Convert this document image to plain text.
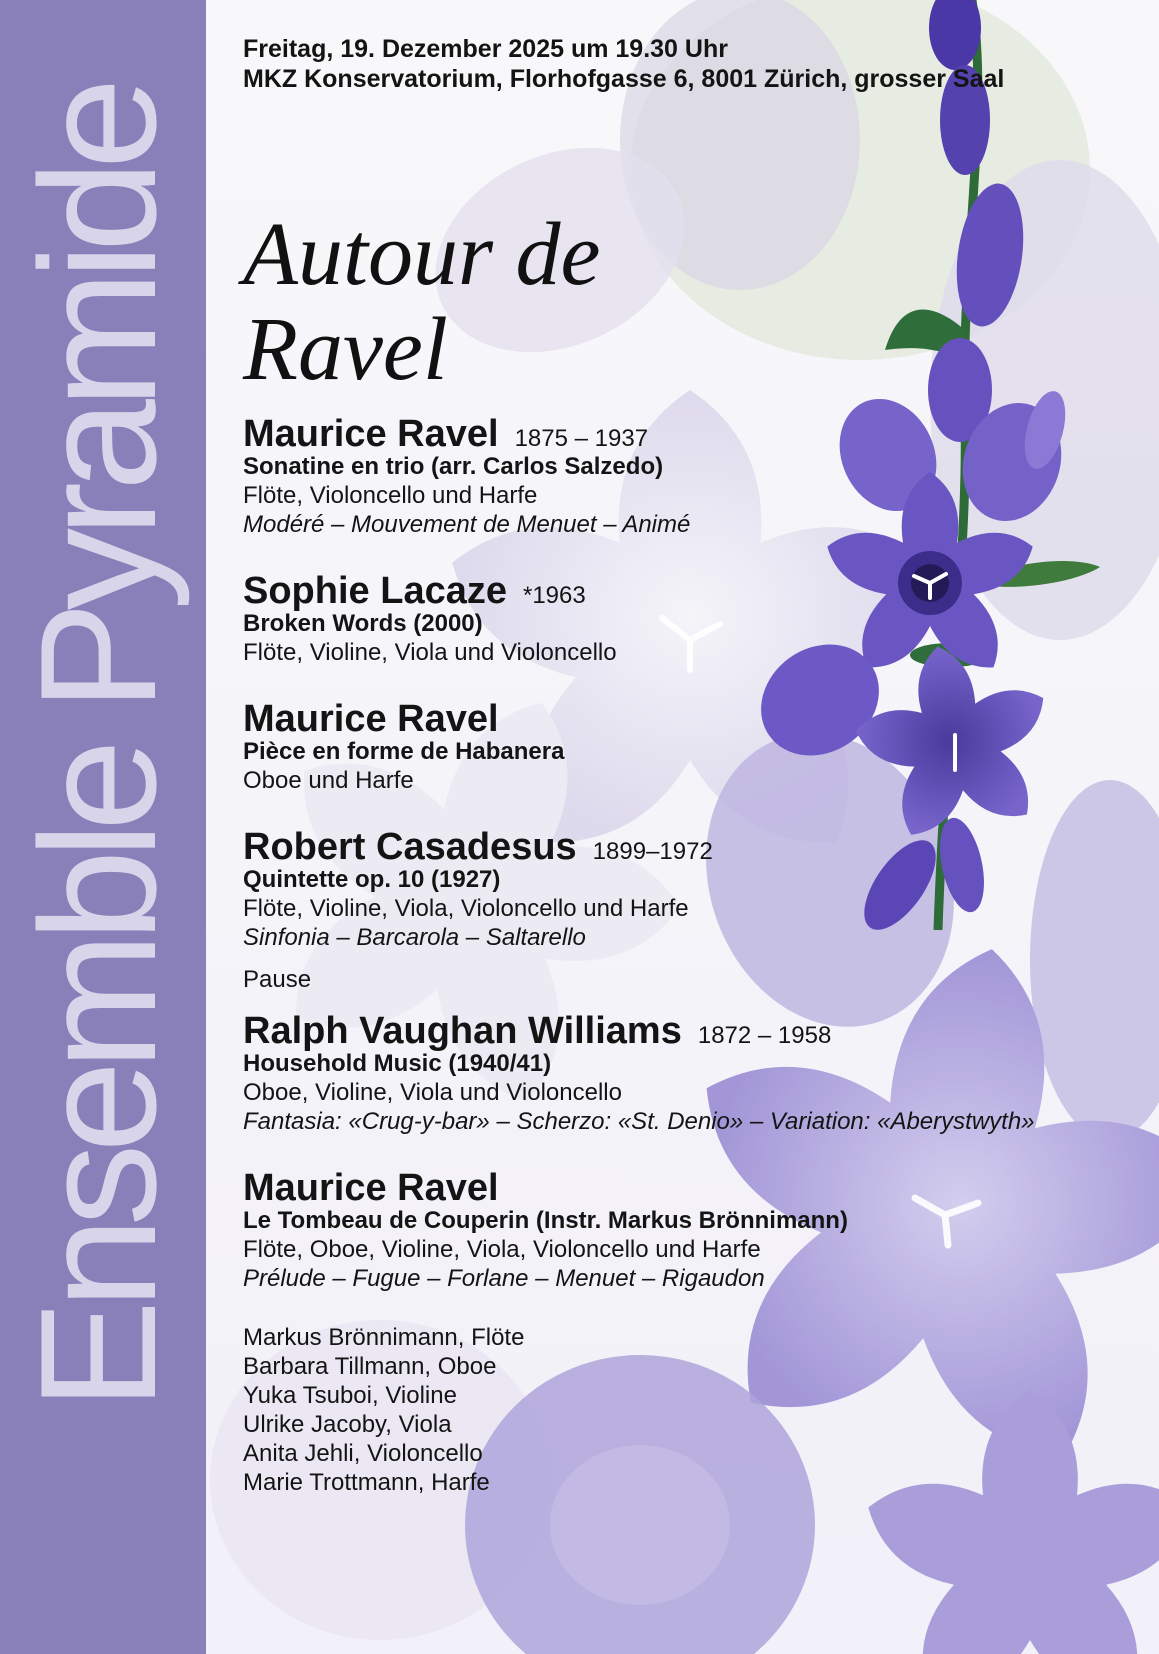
Ensemble Pyramide
Freitag, 19. Dezember 2025 um 19.30 Uhr
MKZ Konservatorium, Florhofgasse 6, 8001 Zürich, grosser Saal
Autour de
Ravel
Maurice Ravel 1875 – 1937
Sonatine en trio (arr. Carlos Salzedo)
Flöte, Violoncello und Harfe
Modéré – Mouvement de Menuet – Animé
Sophie Lacaze *1963
Broken Words (2000)
Flöte, Violine, Viola und Violoncello
Maurice Ravel
Pièce en forme de Habanera
Oboe und Harfe
Robert Casadesus 1899–1972
Quintette op. 10 (1927)
Flöte, Violine, Viola, Violoncello und Harfe
Sinfonia – Barcarola – Saltarello
Pause
Ralph Vaughan Williams 1872 – 1958
Household Music (1940/41)
Oboe, Violine, Viola und Violoncello
Fantasia: «Crug-y-bar» – Scherzo: «St. Denio» – Variation: «Aberystwyth»
Maurice Ravel
Le Tombeau de Couperin (Instr. Markus Brönnimann)
Flöte, Oboe, Violine, Viola, Violoncello und Harfe
Prélude – Fugue – Forlane – Menuet – Rigaudon
Markus Brönnimann, Flöte
Barbara Tillmann, Oboe
Yuka Tsuboi, Violine
Ulrike Jacoby, Viola
Anita Jehli, Violoncello
Marie Trottmann, Harfe
